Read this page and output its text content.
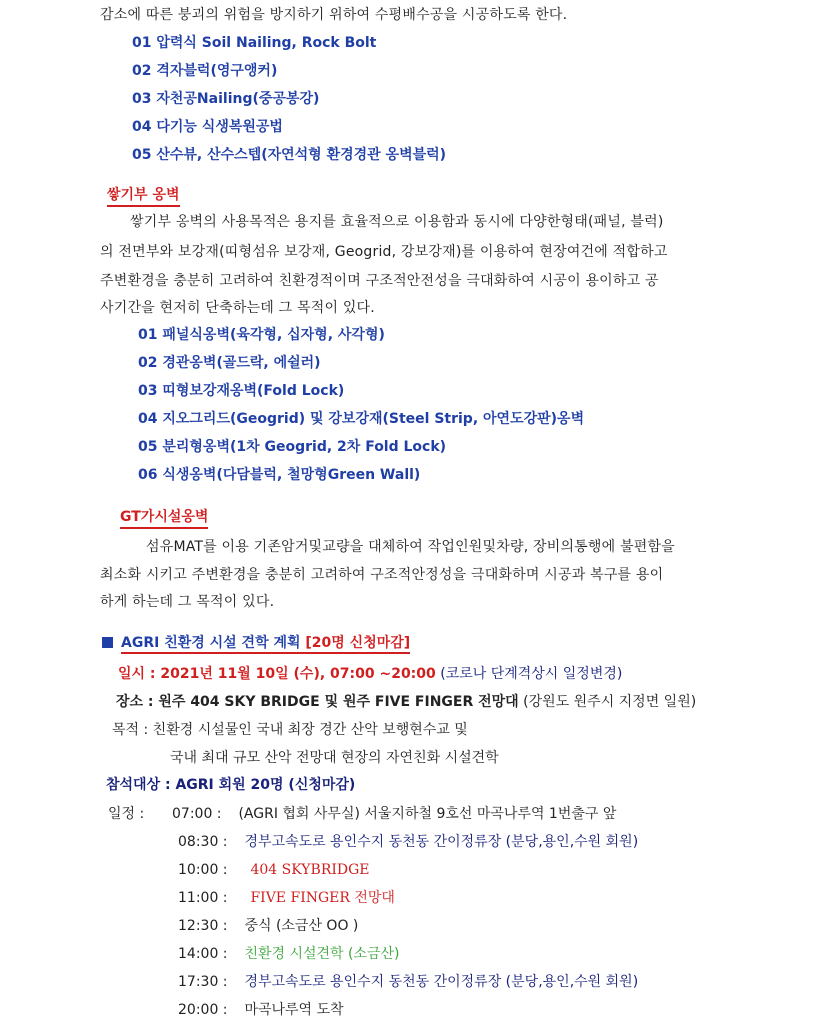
감소에 따른 붕괴의 위험을 방지하기 위하여 수평배수공을 시공하도록 한다.
01 압력식 Soil Nailing, Rock Bolt
02 격자블럭(영구앵커)
03 자천공Nailing(중공봉강)
04 다기능 식생복원공법
05 산수뷰, 산수스텝(자연석형 환경경관 옹벽블럭)
쌓기부 옹벽
쌓기부 옹벽의 사용목적은 용지를 효율적으로 이용함과 동시에 다양한형태(패널, 블럭)
의 전면부와 보강재(띠형섬유 보강재, Geogrid, 강보강재)를 이용하여 현장여건에 적합하고
주변환경을 충분히 고려하여 친환경적이며 구조적안전성을 극대화하여 시공이 용이하고 공
사기간을 현저히 단축하는데 그 목적이 있다.
01 패널식옹벽(육각형, 십자형, 사각형)
02 경관옹벽(골드락, 에쉴러)
03 띠형보강재옹벽(Fold Lock)
04 지오그리드(Geogrid) 및 강보강재(Steel Strip, 아연도강판)옹벽
05 분리형옹벽(1차 Geogrid, 2차 Fold Lock)
06 식생옹벽(다담블럭, 철망형Green Wall)
GT가시설옹벽
섬유MAT를 이용 기존암거및교량을 대체하여 작업인원및차량, 장비의통행에 불편함을
최소화 시키고 주변환경을 충분히 고려하여 구조적안정성을 극대화하며 시공과 복구를 용이
하게 하는데 그 목적이 있다.
AGRI 친환경 시설 견학 계획 [20명 신청마감]
일시 : 2021년 11월 10일 (수), 07:00 ~20:00 (코로나 단계격상시 일정변경)
장소 : 원주 404 SKY BRIDGE 및 원주 FIVE FINGER 전망대 (강원도 원주시 지정면 일원)
목적 : 친환경 시설물인 국내 최장 경간 산악 보행현수교 및
국내 최대 규모 산악 전망대 현장의 자연친화 시설견학
참석대상 : AGRI 회원 20명 (신청마감)
일정 : 07:00 : (AGRI 협회 사무실) 서울지하철 9호선 마곡나루역 1번출구 앞
08:30 : 경부고속도로 용인수지 동천동 간이정류장 (분당,용인,수원 회원)
10:00 : 404 SKYBRIDGE
11:00 : FIVE FINGER 전망대
12:30 : 중식 (소금산 OO )
14:00 : 친환경 시설견학 (소금산)
17:30 : 경부고속도로 용인수지 동천동 간이정류장 (분당,용인,수원 회원)
20:00 : 마곡나루역 도착
